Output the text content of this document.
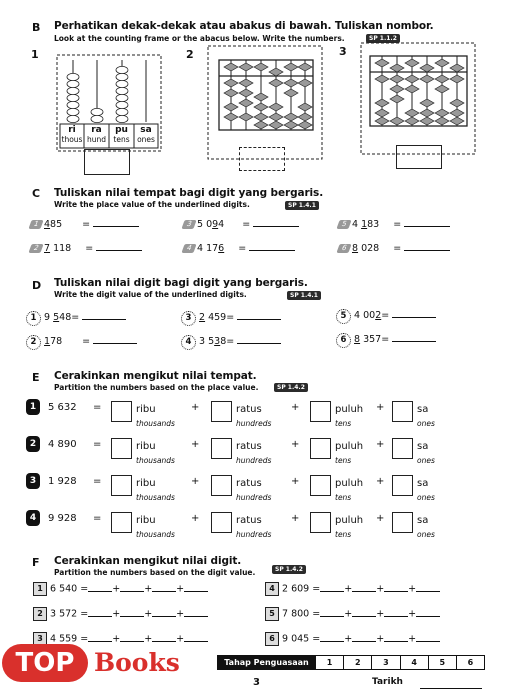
B Perhatikan dekak-dekak atau abakus di bawah. Tuliskan nombor.
Look at the counting frame or the abacus below. Write the numbers.	SP 1.1.2
1	2	3
ri
thous
ra
hund
pu
tens
sa
ones
C Tuliskan nilai tempat bagi digit yang bergaris.
Write the place value of the underlined digits.	SP 1.4.1
1 485 =	3 5 094 =	5 4 183 =
2 7 118 =	4 4 176 =	6 8 028 =
D Tuliskan nilai digit bagi digit yang bergaris.
Write the digit value of the underlined digits.	SP 1.4.1
1 9 548=	3 2 459=	5 4 002=
2 178 =	4 3 538=	6 8 357=
E Cerakinkan mengikut nilai tempat.
Partition the numbers based on the place value.	SP 1.4.2
1	5 632 =	ribu
thousands
+	ratus
hundreds
+	puluh
tens
+	sa
ones
2	4 890 =	ribu
thousands
+	ratus
hundreds
+	puluh
tens
+	sa
ones
3	1 928 =	ribu
thousands
+	ratus
hundreds
+	puluh
tens
+	sa
ones
4	9 928 =	ribu
thousands
+	ratus
hundreds
+	puluh
tens
+	sa
ones
F Cerakinkan mengikut nilai digit.
Partition the numbers based on the digit value.	SP 1.4.2
1 6 540 =	+	+	+	4 2 609 =	+	+	+
2 3 572 =	+	+	+	5 7 800 =	+	+	+
3 4 559 =	+	+	+	6 9 045 =	+	+	+
TOP Books	Tahap Penguasaan	1	2	3	4	5	6
3	Tarikh
